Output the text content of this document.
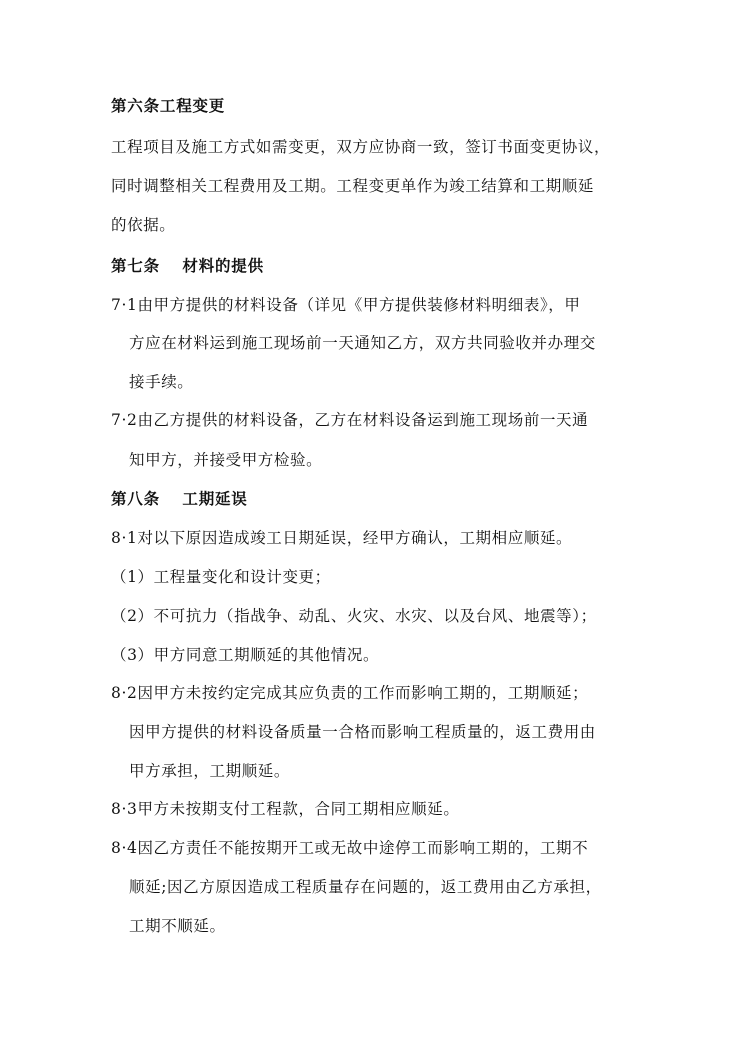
第六条工程变更
工程项目及施工方式如需变更，双方应协商一致，签订书面变更协议，
同时调整相关工程费用及工期。工程变更单作为竣工结算和工期顺延
的依据。
第七条　 材料的提供
7·1由甲方提供的材料设备（详见《甲方提供装修材料明细表》，甲
方应在材料运到施工现场前一天通知乙方，双方共同验收并办理交
接手续。
7·2由乙方提供的材料设备，乙方在材料设备运到施工现场前一天通
知甲方，并接受甲方检验。
第八条　 工期延误
8·1对以下原因造成竣工日期延误，经甲方确认，工期相应顺延。
（1）工程量变化和设计变更；
（2）不可抗力（指战争、动乱、火灾、水灾、以及台风、地震等）；
（3）甲方同意工期顺延的其他情况。
8·2因甲方未按约定完成其应负责的工作而影响工期的，工期顺延；
因甲方提供的材料设备质量一合格而影响工程质量的，返工费用由
甲方承担，工期顺延。
8·3甲方未按期支付工程款，合同工期相应顺延。
8·4因乙方责任不能按期开工或无故中途停工而影响工期的，工期不
顺延;因乙方原因造成工程质量存在问题的，返工费用由乙方承担，
工期不顺延。
